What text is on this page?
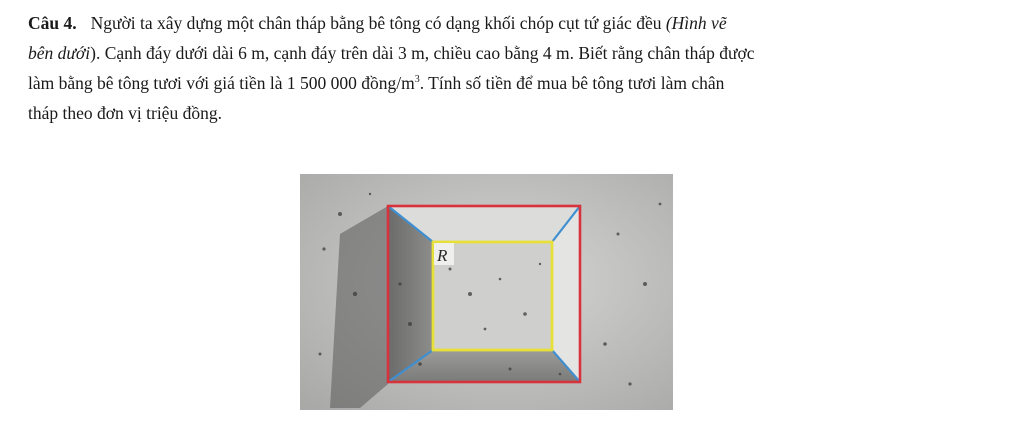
Câu 4. Người ta xây dựng một chân tháp bằng bê tông có dạng khối chóp cụt tứ giác đều (Hình vẽ
bên dưới). Cạnh đáy dưới dài 6 m, cạnh đáy trên dài 3 m, chiều cao bằng 4 m. Biết rằng chân tháp được
làm bằng bê tông tươi với giá tiền là 1 500 000 đồng/$m^3$. Tính số tiền để mua bê tông tươi làm chân
tháp theo đơn vị triệu đồng.
R
